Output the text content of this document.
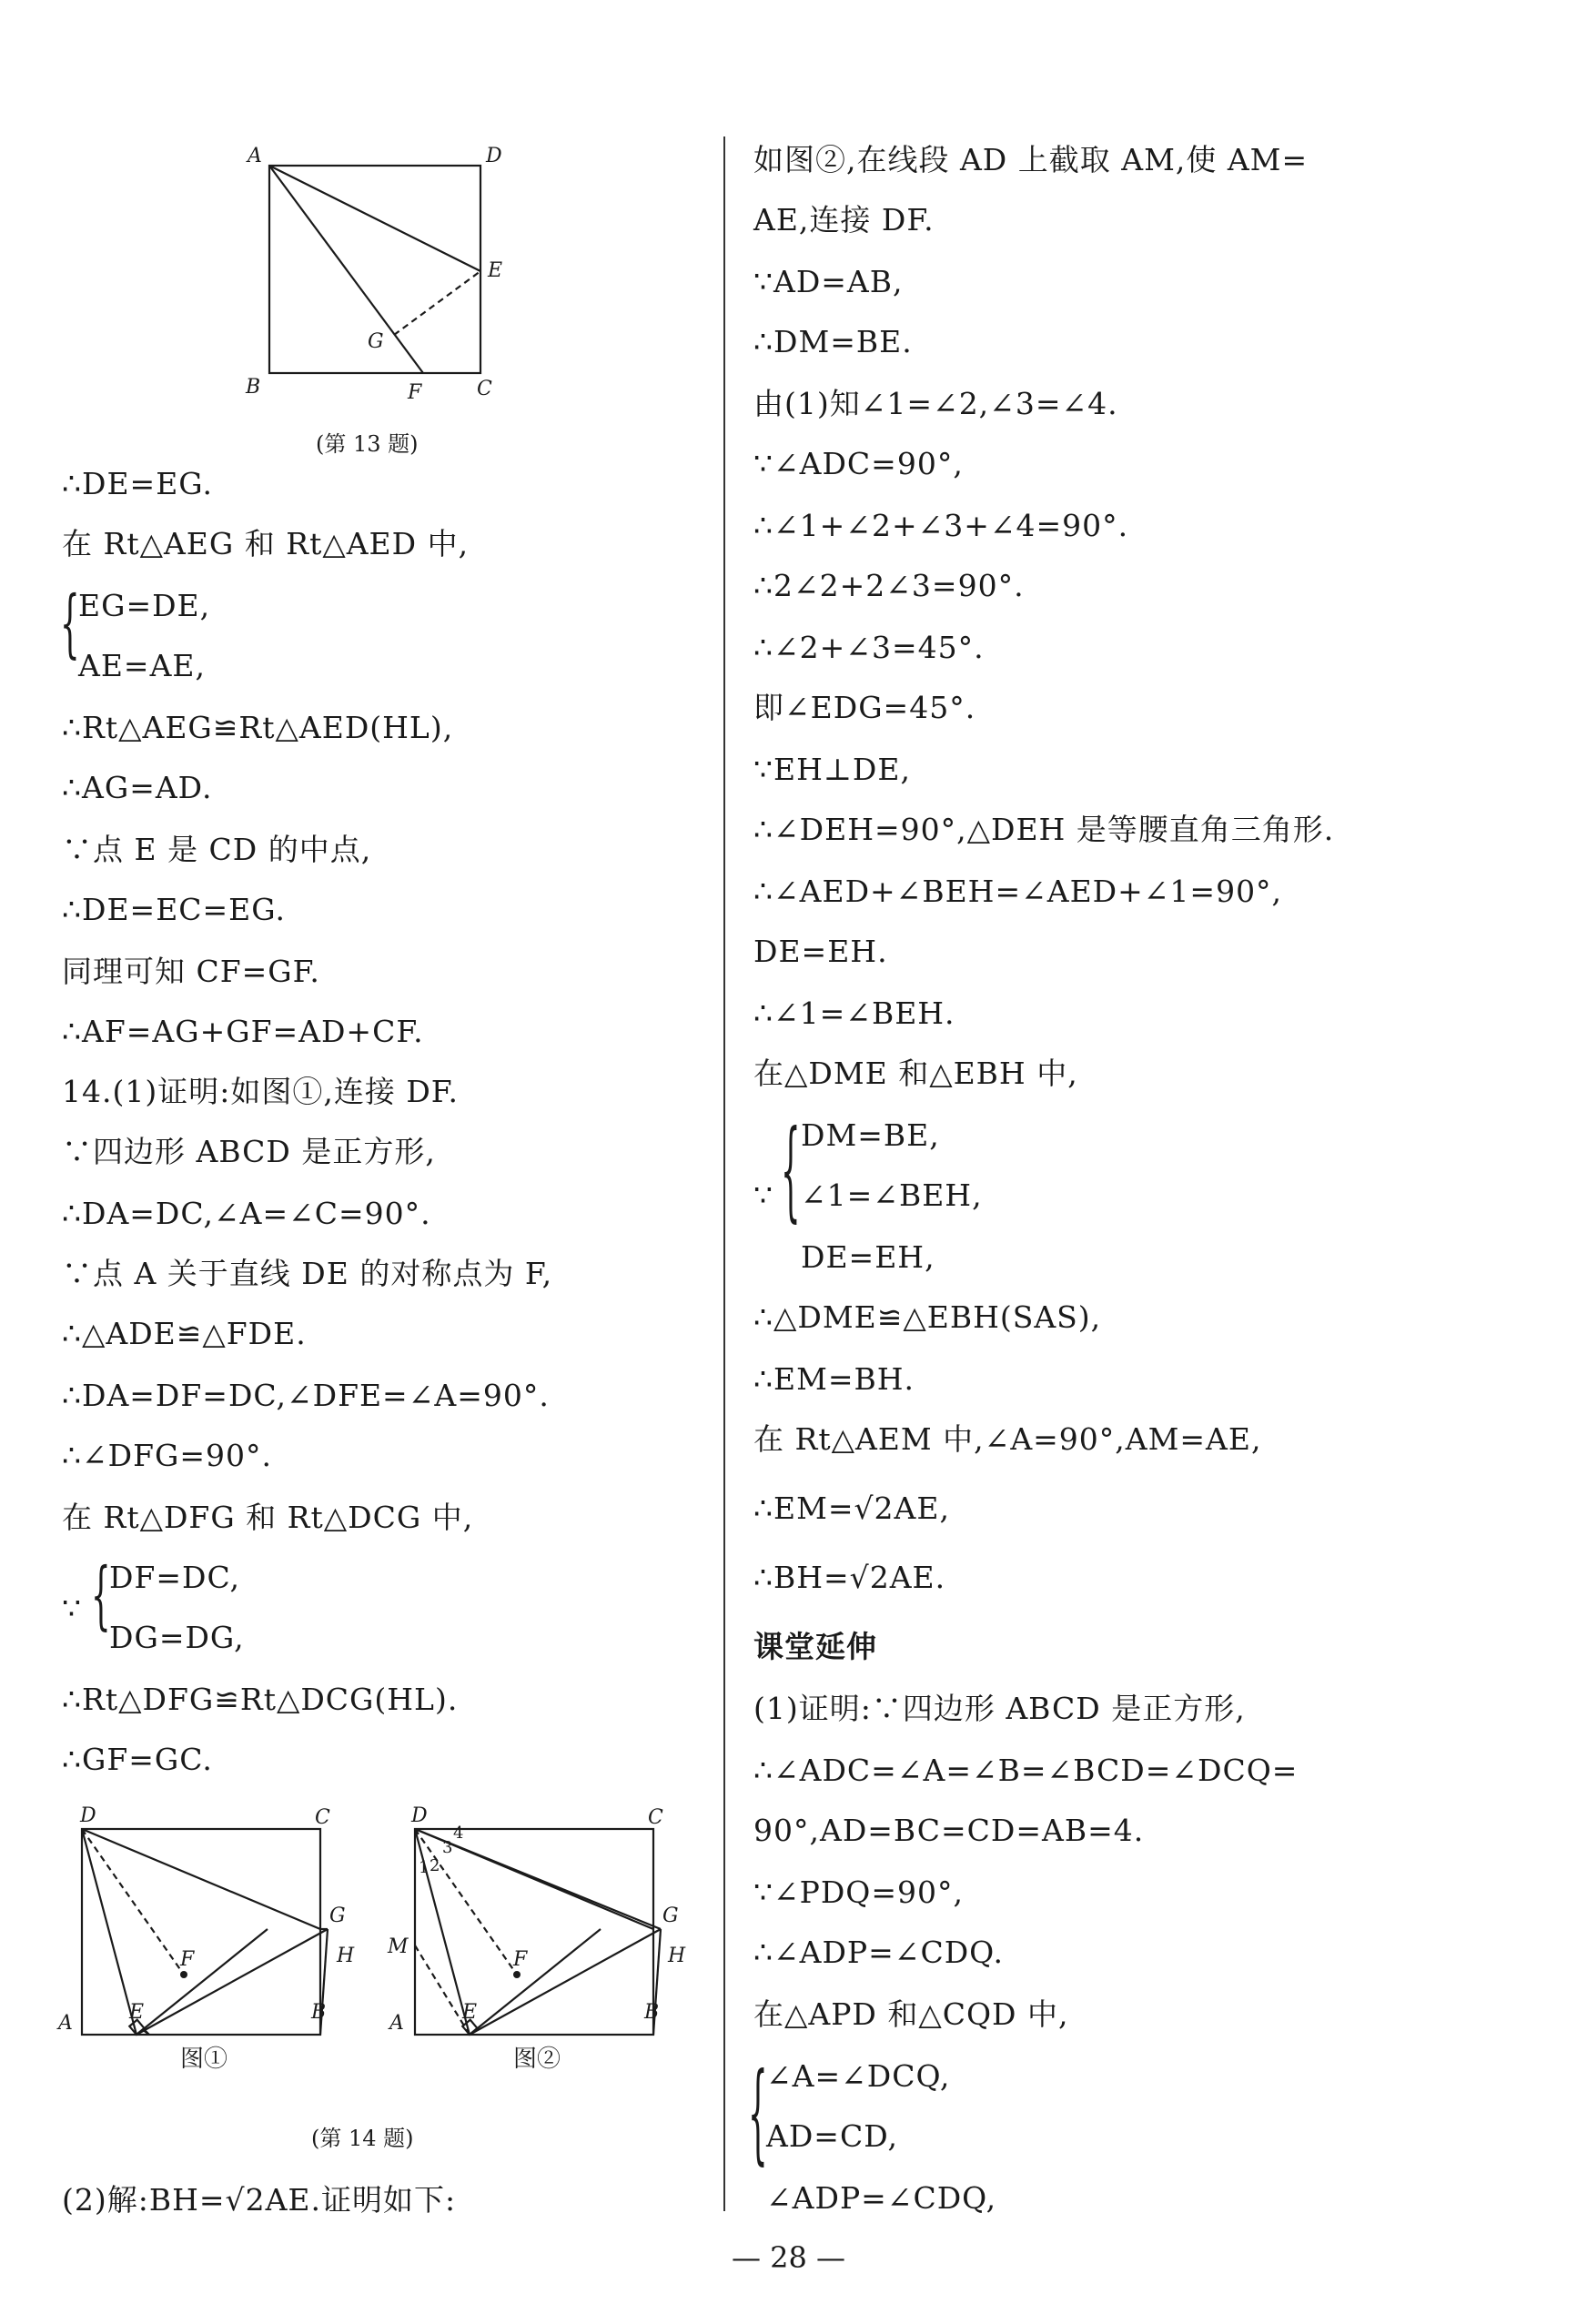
A	D
E
G
B	F	C
(第 13 题)
∴DE=EG.
在 Rt△AEG 和 Rt△AED 中,
{
EG=DE,
AE=AE,
∴Rt△AEG≌Rt△AED(HL),
∴AG=AD.
∵点 E 是 CD 的中点,
∴DE=EC=EG.
同理可知 CF=GF.
∴AF=AG+GF=AD+CF.
14.(1)证明:如图①,连接 DF.
∵四边形 ABCD 是正方形,
∴DA=DC,∠A=∠C=90°.
∵点 A 关于直线 DE 的对称点为 F,
∴△ADE≌△FDE.
∴DA=DF=DC,∠DFE=∠A=90°.
∴∠DFG=90°.
在 Rt△DFG 和 Rt△DCG 中,
∵ {
DF=DC,
DG=DG,
∴Rt△DFG≌Rt△DCG(HL).
∴GF=GC.
D	C
G
F	H
A	E	B
图①
D	C
G
F	H
M
A	E	B
1 2
3
4
图②
(第 14 题)
(2)解:BH=√2AE.证明如下:
如图②,在线段 AD 上截取 AM,使 AM=
AE,连接 DF.
∵AD=AB,
∴DM=BE.
由(1)知∠1=∠2,∠3=∠4.
∵∠ADC=90°,
∴∠1+∠2+∠3+∠4=90°.
∴2∠2+2∠3=90°.
∴∠2+∠3=45°.
即∠EDG=45°.
∵EH⊥DE,
∴∠DEH=90°,△DEH 是等腰直角三角形.
∴∠AED+∠BEH=∠AED+∠1=90°,
DE=EH.
∴∠1=∠BEH.
在△DME 和△EBH 中,
∵ { DM=BE,
∠1=∠BEH,
DE=EH,
∴△DME≌△EBH(SAS),
∴EM=BH.
在 Rt△AEM 中,∠A=90°,AM=AE,
∴EM=√2AE,
∴BH=√2AE.
课堂延伸
(1)证明:∵四边形 ABCD 是正方形,
∴∠ADC=∠A=∠B=∠BCD=∠DCQ=
90°,AD=BC=CD=AB=4.
∵∠PDQ=90°,
∴∠ADP=∠CDQ.
在△APD 和△CQD 中,
{
∠A=∠DCQ,
AD=CD,
∠ADP=∠CDQ,
— 28 —
